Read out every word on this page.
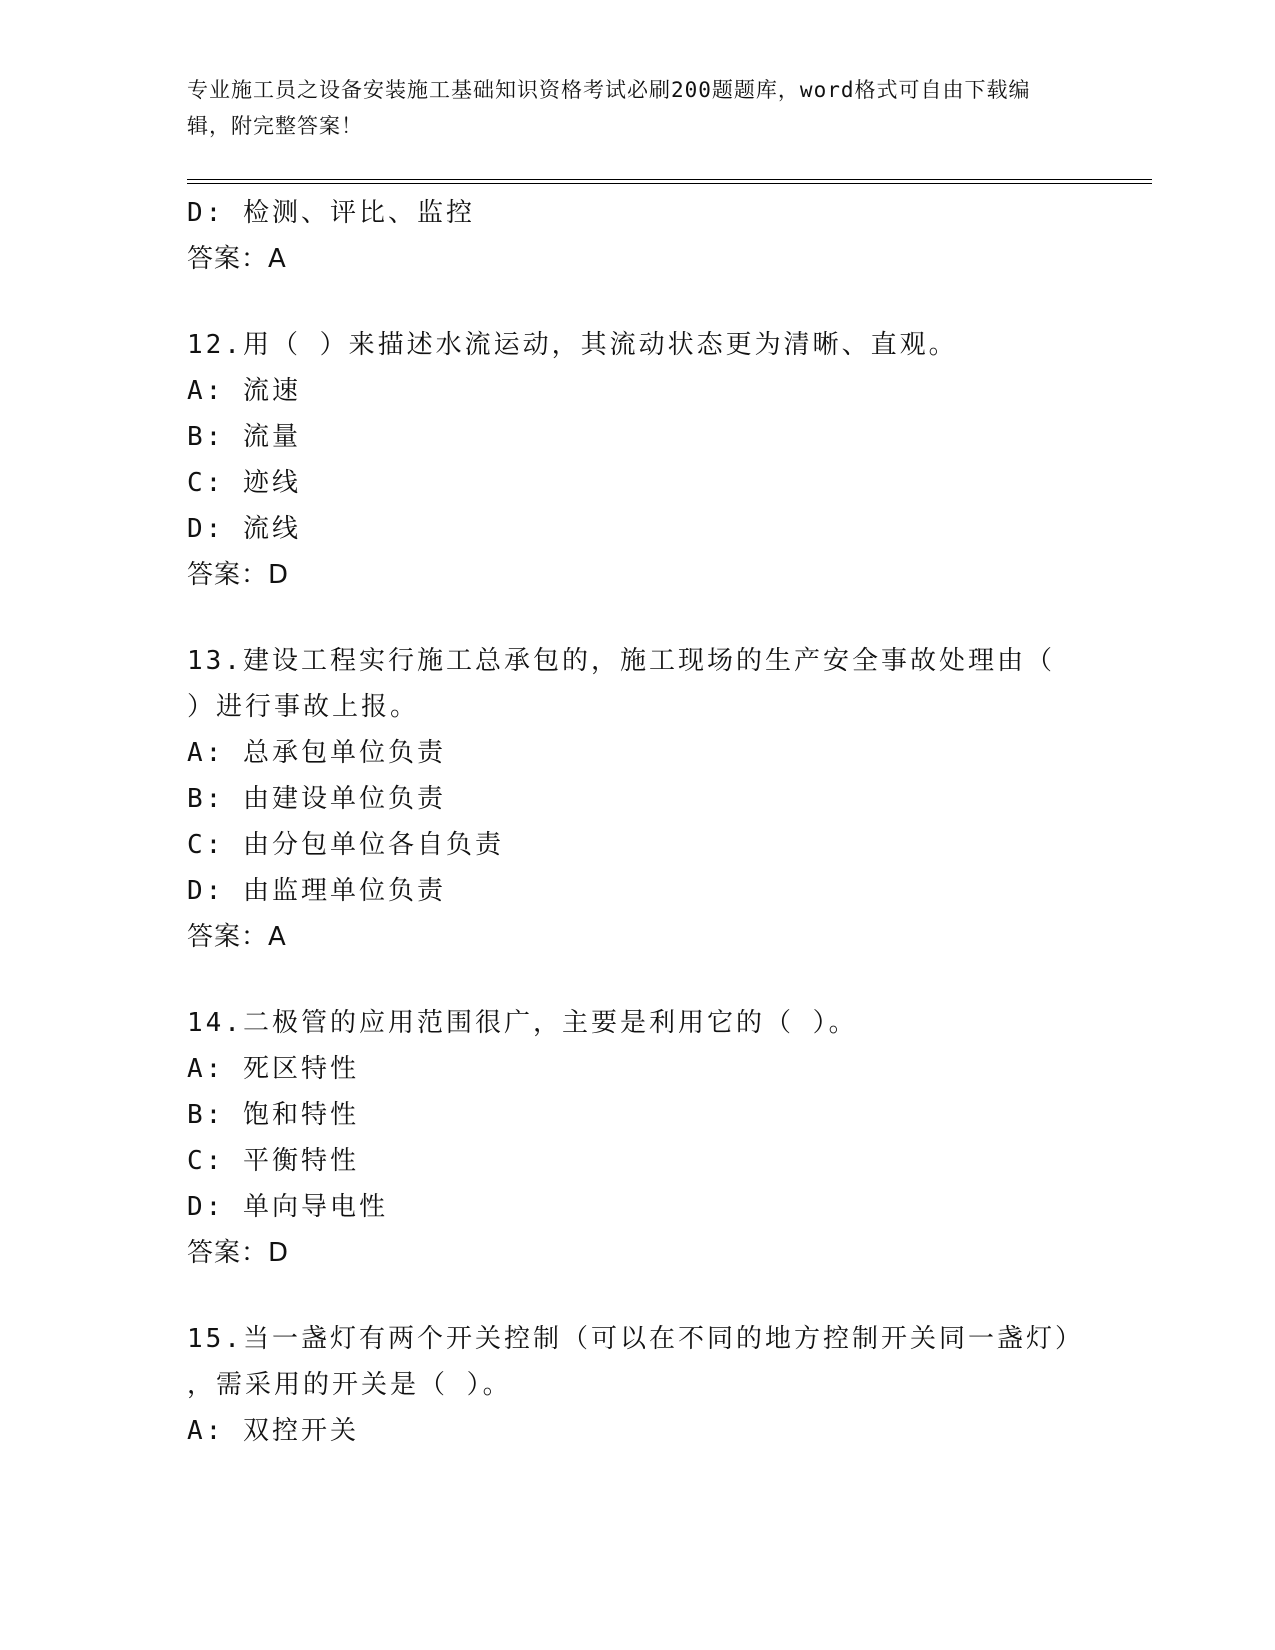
专业施工员之设备安装施工基础知识资格考试必刷200题题库，word格式可自由下载编辑，附完整答案！
D: 检测、评比、监控
答案：A
12.用（ ）来描述水流运动，其流动状态更为清晰、直观。
A: 流速
B: 流量
C: 迹线
D: 流线
答案：D
13.建设工程实行施工总承包的，施工现场的生产安全事故处理由（
）进行事故上报。
A: 总承包单位负责
B: 由建设单位负责
C: 由分包单位各自负责
D: 由监理单位负责
答案：A
14.二极管的应用范围很广，主要是利用它的（ ）。
A: 死区特性
B: 饱和特性
C: 平衡特性
D: 单向导电性
答案：D
15.当一盏灯有两个开关控制（可以在不同的地方控制开关同一盏灯）
，需采用的开关是（ ）。
A: 双控开关
